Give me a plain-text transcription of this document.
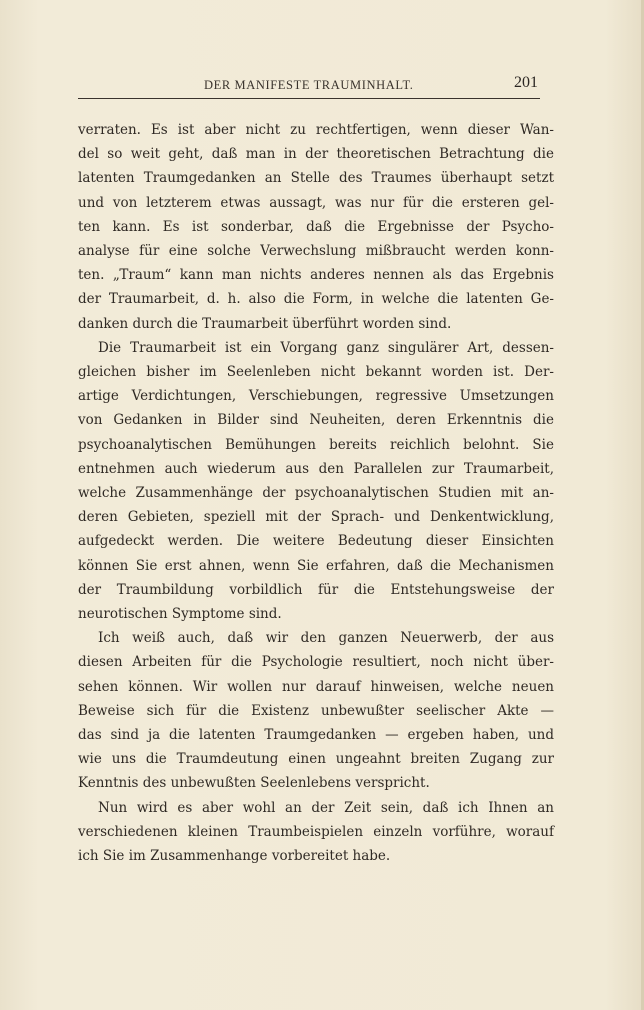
DER MANIFESTE TRAUMINHALT.	201
verraten. Es ist aber nicht zu rechtfertigen, wenn dieser Wan-
del so weit geht, daß man in der theoretischen Betrachtung die
latenten Traumgedanken an Stelle des Traumes überhaupt setzt
und von letzterem etwas aussagt, was nur für die ersteren gel-
ten kann. Es ist sonderbar, daß die Ergebnisse der Psycho-
analyse für eine solche Verwechslung mißbraucht werden konn-
ten. „Traum“ kann man nichts anderes nennen als das Ergebnis
der Traumarbeit, d. h. also die Form, in welche die latenten Ge-
danken durch die Traumarbeit überführt worden sind.
Die Traumarbeit ist ein Vorgang ganz singulärer Art, dessen-
gleichen bisher im Seelenleben nicht bekannt worden ist. Der-
artige Verdichtungen, Verschiebungen, regressive Umsetzungen
von Gedanken in Bilder sind Neuheiten, deren Erkenntnis die
psychoanalytischen Bemühungen bereits reichlich belohnt. Sie
entnehmen auch wiederum aus den Parallelen zur Traumarbeit,
welche Zusammenhänge der psychoanalytischen Studien mit an-
deren Gebieten, speziell mit der Sprach- und Denkentwicklung,
aufgedeckt werden. Die weitere Bedeutung dieser Einsichten
können Sie erst ahnen, wenn Sie erfahren, daß die Mechanismen
der Traumbildung vorbildlich für die Entstehungsweise der
neurotischen Symptome sind.
Ich weiß auch, daß wir den ganzen Neuerwerb, der aus
diesen Arbeiten für die Psychologie resultiert, noch nicht über-
sehen können. Wir wollen nur darauf hinweisen, welche neuen
Beweise sich für die Existenz unbewußter seelischer Akte —
das sind ja die latenten Traumgedanken — ergeben haben, und
wie uns die Traumdeutung einen ungeahnt breiten Zugang zur
Kenntnis des unbewußten Seelenlebens verspricht.
Nun wird es aber wohl an der Zeit sein, daß ich Ihnen an
verschiedenen kleinen Traumbeispielen einzeln vorführe, worauf
ich Sie im Zusammenhange vorbereitet habe.
